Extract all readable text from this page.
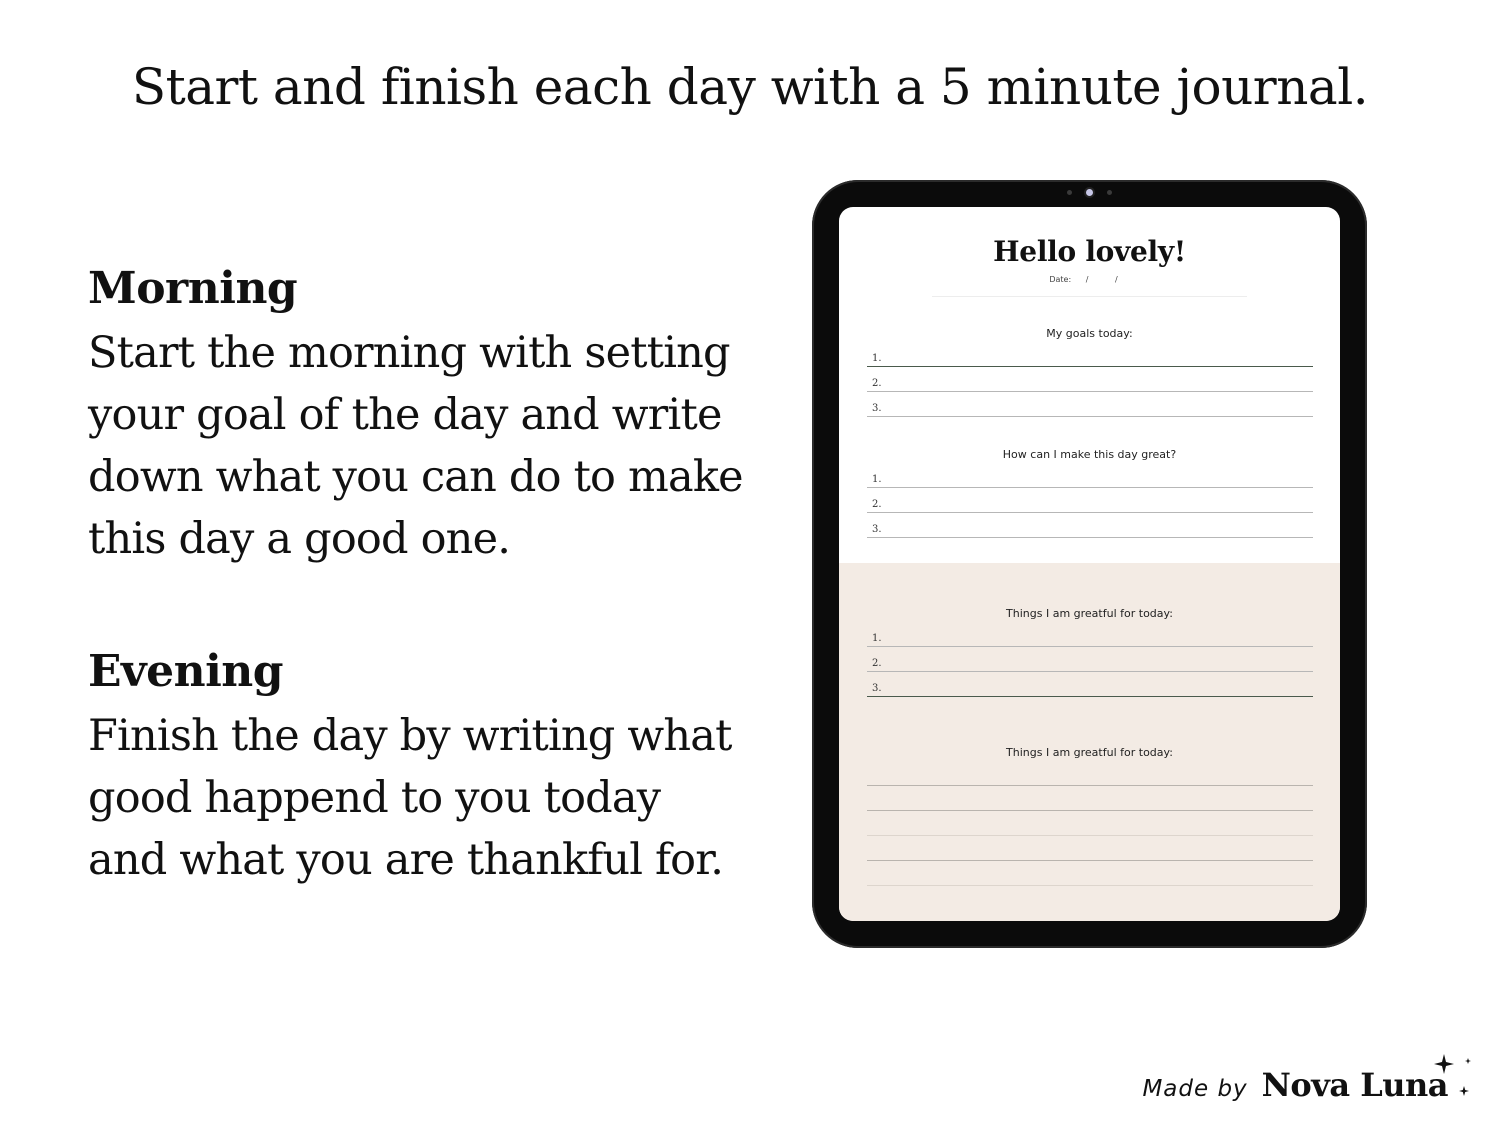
Start and finish each day with a 5 minute journal.
Morning
Start the morning with setting
your goal of the day and write
down what you can do to make
this day a good one.
Evening
Finish the day by writing what
good happend to you today
and what you are thankful for.
Hello lovely!
Date: / /
My goals today:
1.
2.
3.
How can I make this day great?
1.
2.
3.
Things I am greatful for today:
1.
2.
3.
Things I am greatful for today:
Made by Nova Luna
